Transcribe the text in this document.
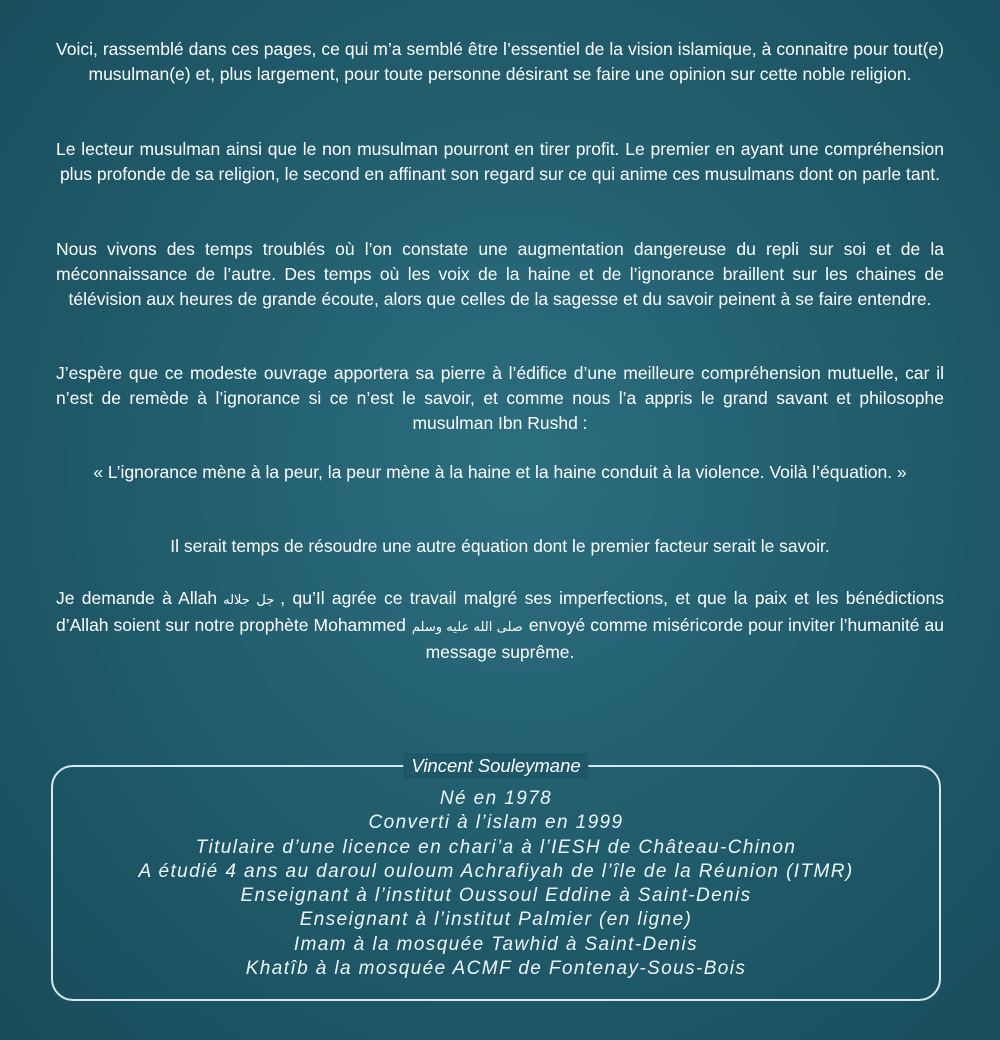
Voici, rassemblé dans ces pages, ce qui m’a semblé être l’essentiel de la vision islamique, à connaitre pour tout(e) musulman(e) et, plus largement, pour toute personne désirant se faire une opinion sur cette noble religion.

Le lecteur musulman ainsi que le non musulman pourront en tirer profit. Le premier en ayant une compréhension plus profonde de sa religion, le second en affinant son regard sur ce qui anime ces musulmans dont on parle tant.

Nous vivons des temps troublés où l’on constate une augmentation dangereuse du repli sur soi et de la méconnaissance de l’autre. Des temps où les voix de la haine et de l’ignorance braillent sur les chaines de télévision aux heures de grande écoute, alors que celles de la sagesse et du savoir peinent à se faire entendre.

J’espère que ce modeste ouvrage apportera sa pierre à l’édifice d’une meilleure compréhension mutuelle, car il n’est de remède à l’ignorance si ce n’est le savoir, et comme nous l’a appris le grand savant et philosophe musulman Ibn Rushd :

« L’ignorance mène à la peur, la peur mène à la haine et la haine conduit à la violence. Voilà l’équation. »

Il serait temps de résoudre une autre équation dont le premier facteur serait le savoir.

Je demande à Allah جل جلاله , qu’Il agrée ce travail malgré ses imperfections, et que la paix et les bénédictions d’Allah soient sur notre prophète Mohammed صلى الله عليه وسلم envoyé comme miséricorde pour inviter l’humanité au message suprême.

Vincent Souleymane
Né en 1978
Converti à l’islam en 1999
Titulaire d’une licence en chari’a à l’IESH de Château-Chinon
A étudié 4 ans au daroul ouloum Achrafiyah de l’île de la Réunion (ITMR)
Enseignant à l’institut Oussoul Eddine à Saint-Denis
Enseignant à l’institut Palmier (en ligne)
Imam à la mosquée Tawhid à Saint-Denis
Khatîb à la mosquée ACMF de Fontenay-Sous-Bois
